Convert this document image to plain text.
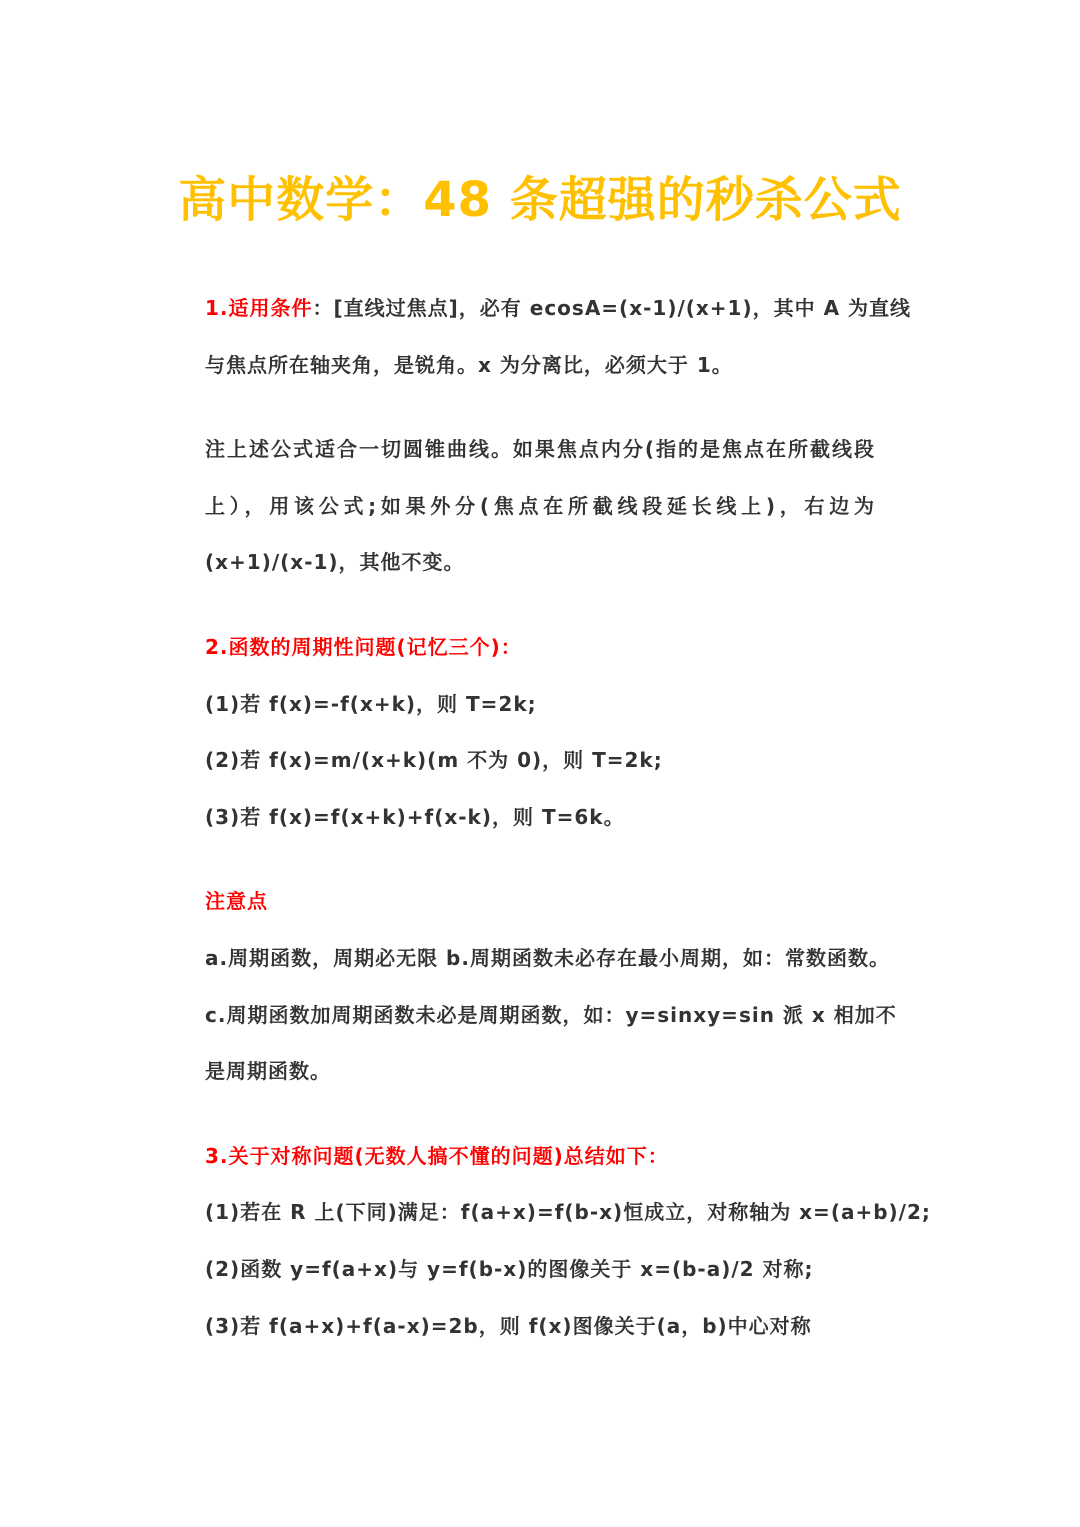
高中数学：48 条超强的秒杀公式
1.适用条件：[直线过焦点]，必有 ecosA=(x-1)/(x+1)，其中 A 为直线
与焦点所在轴夹角，是锐角。x 为分离比，必须大于 1。
注上述公式适合一切圆锥曲线。如果焦点内分(指的是焦点在所截线段
上），用该公式;如果外分(焦点在所截线段延长线上)，右边为
(x+1)/(x-1)，其他不变。
2.函数的周期性问题(记忆三个)：
(1)若 f(x)=-f(x+k)，则 T=2k;
(2)若 f(x)=m/(x+k)(m 不为 0)，则 T=2k;
(3)若 f(x)=f(x+k)+f(x-k)，则 T=6k。
注意点
a.周期函数，周期必无限 b.周期函数未必存在最小周期，如：常数函数。
c.周期函数加周期函数未必是周期函数，如：y=sinxy=sin 派 x 相加不
是周期函数。
3.关于对称问题(无数人搞不懂的问题)总结如下：
(1)若在 R 上(下同)满足：f(a+x)=f(b-x)恒成立，对称轴为 x=(a+b)/2;
(2)函数 y=f(a+x)与 y=f(b-x)的图像关于 x=(b-a)/2 对称;
(3)若 f(a+x)+f(a-x)=2b，则 f(x)图像关于(a，b)中心对称
